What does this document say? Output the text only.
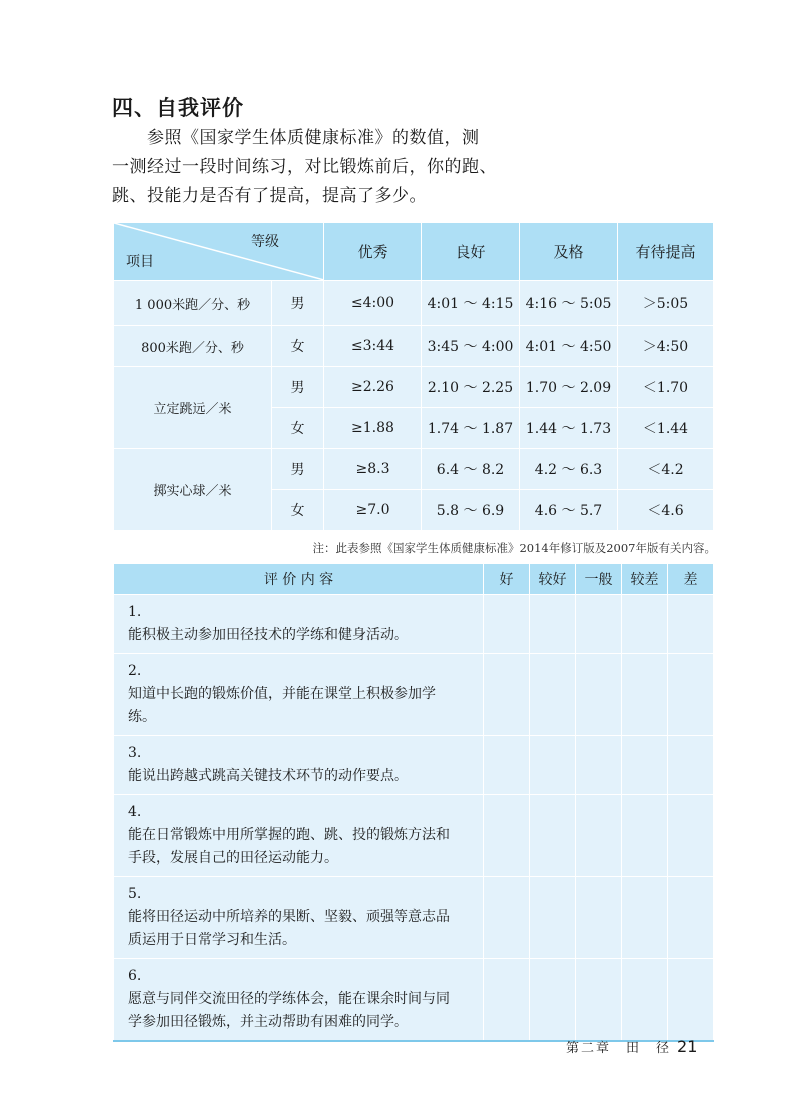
四、自我评价

参照《国家学生体质健康标准》的数值，测

一测经过一段时间练习，对比锻炼前后，你的跑、

跳、投能力是否有了提高，提高了多少。

等级
项目		优秀	良好	及格	有待提高
1 000米跑／分、秒	男	≤4:00	4:01 ～ 4:15	4:16 ～ 5:05	＞5:05
800米跑／分、秒	女	≤3:44	3:45 ～ 4:00	4:01 ～ 4:50	＞4:50
立定跳远／米	男	≥2.26	2.10 ～ 2.25	1.70 ～ 2.09	＜1.70
	女	≥1.88	1.74 ～ 1.87	1.44 ～ 1.73	＜1.44
掷实心球／米	男	≥8.3	6.4 ～ 8.2	4.2 ～ 6.3	＜4.2
	女	≥7.0	5.8 ～ 6.9	4.6 ～ 5.7	＜4.6
注：此表参照《国家学生体质健康标准》2014年修订版及2007年版有关内容。
评 价 内 容	好	较好	一般	较差	差
1.能积极主动参加田径技术的学练和健身活动。					
2.知道中长跑的锻炼价值，并能在课堂上积极参加学练。					
3.能说出跨越式跳高关键技术环节的动作要点。					
4.能在日常锻炼中用所掌握的跑、跳、投的锻炼方法和手段，发展自己的田径运动能力。					
5.能将田径运动中所培养的果断、坚毅、顽强等意志品质运用于日常学习和生活。					
6.愿意与同伴交流田径的学练体会，能在课余时间与同学参加田径锻炼，并主动帮助有困难的同学。					
第二章　田　径 21
